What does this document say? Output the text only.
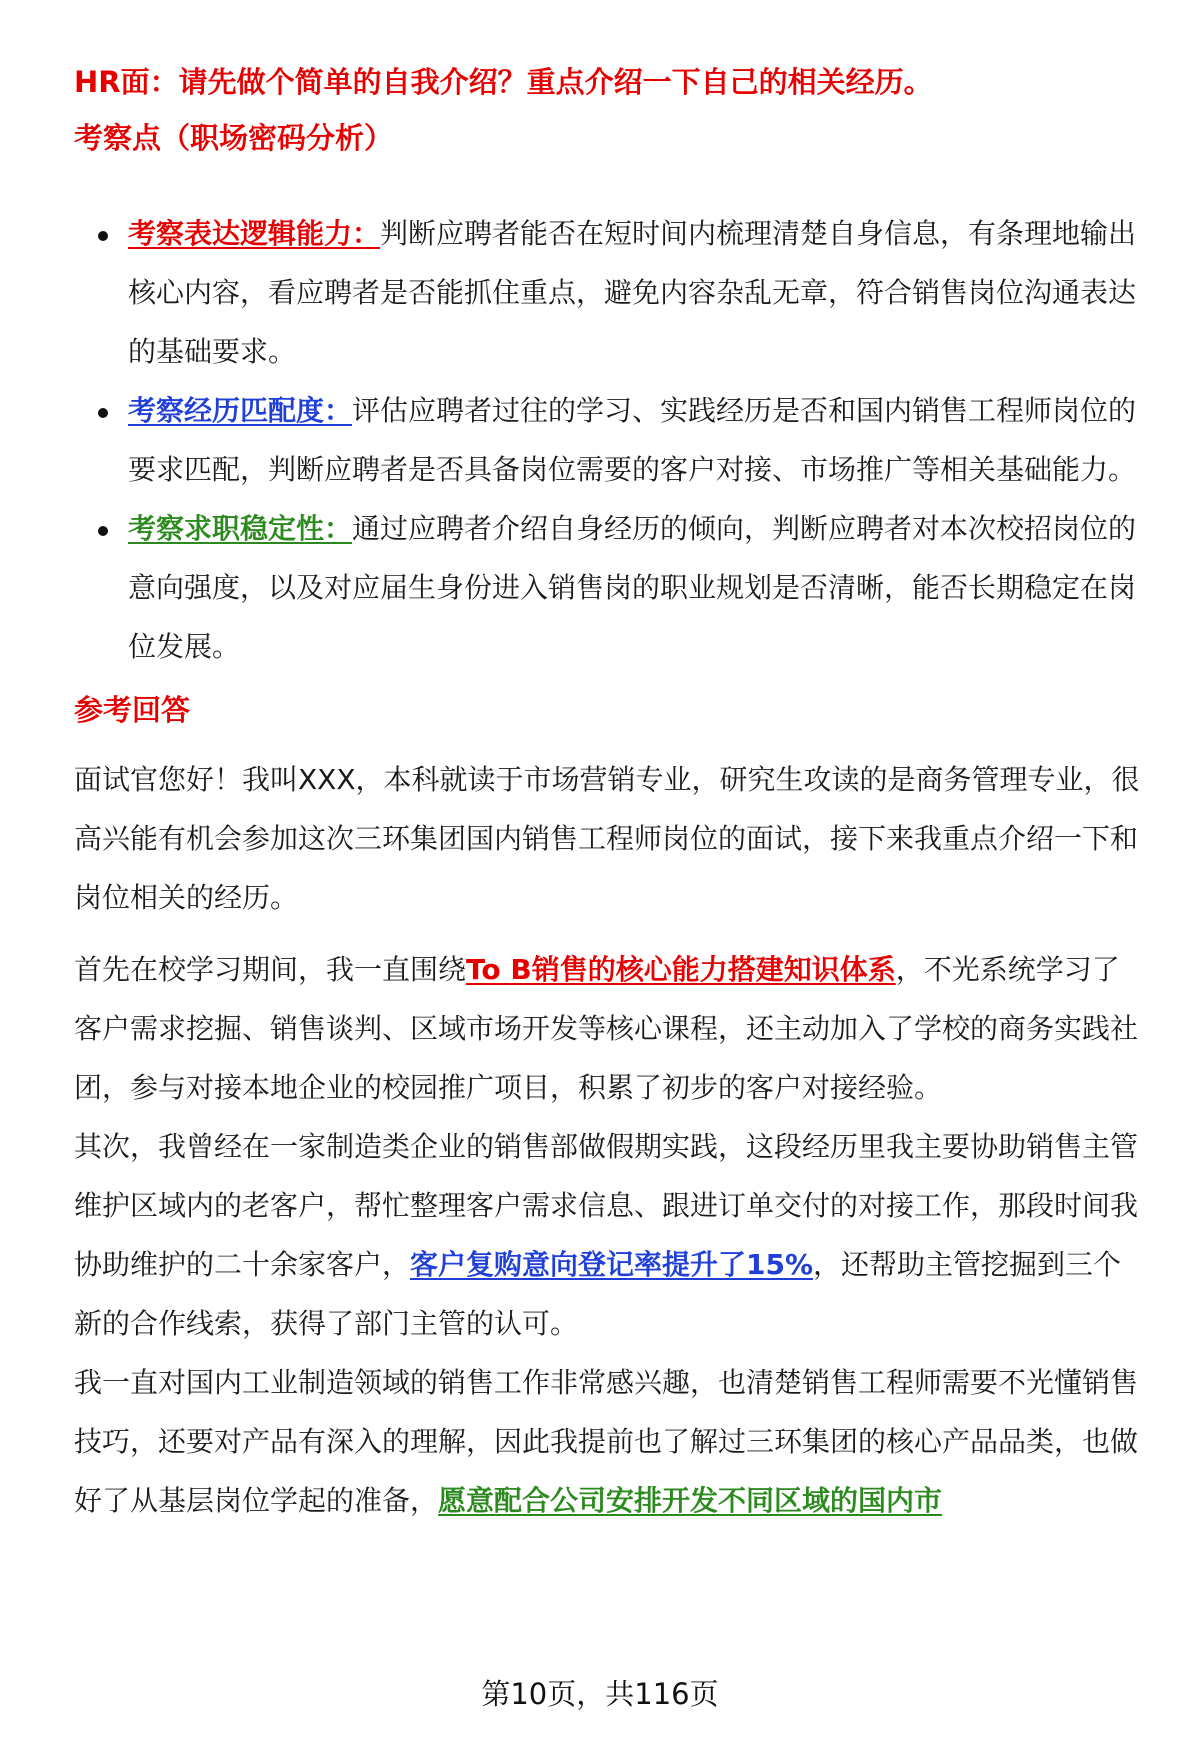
HR面：请先做个简单的自我介绍？重点介绍一下自己的相关经历。
考察点（职场密码分析）

考察表达逻辑能力：判断应聘者能否在短时间内梳理清楚自身信息，有条理地输出核心内容，看应聘者是否能抓住重点，避免内容杂乱无章，符合销售岗位沟通表达的基础要求。

考察经历匹配度：评估应聘者过往的学习、实践经历是否和国内销售工程师岗位的要求匹配，判断应聘者是否具备岗位需要的客户对接、市场推广等相关基础能力。

考察求职稳定性：通过应聘者介绍自身经历的倾向，判断应聘者对本次校招岗位的意向强度，以及对应届生身份进入销售岗的职业规划是否清晰，能否长期稳定在岗位发展。

参考回答

面试官您好！我叫XXX，本科就读于市场营销专业，研究生攻读的是商务管理专业，很高兴能有机会参加这次三环集团国内销售工程师岗位的面试，接下来我重点介绍一下和岗位相关的经历。

首先在校学习期间，我一直围绕To B销售的核心能力搭建知识体系，不光系统学习了客户需求挖掘、销售谈判、区域市场开发等核心课程，还主动加入了学校的商务实践社团，参与对接本地企业的校园推广项目，积累了初步的客户对接经验。

其次，我曾经在一家制造类企业的销售部做假期实践，这段经历里我主要协助销售主管维护区域内的老客户，帮忙整理客户需求信息、跟进订单交付的对接工作，那段时间我协助维护的二十余家客户，客户复购意向登记率提升了15%，还帮助主管挖掘到三个新的合作线索，获得了部门主管的认可。

我一直对国内工业制造领域的销售工作非常感兴趣，也清楚销售工程师需要不光懂销售技巧，还要对产品有深入的理解，因此我提前也了解过三环集团的核心产品品类，也做好了从基层岗位学起的准备，愿意配合公司安排开发不同区域的国内市

第10页，共116页
